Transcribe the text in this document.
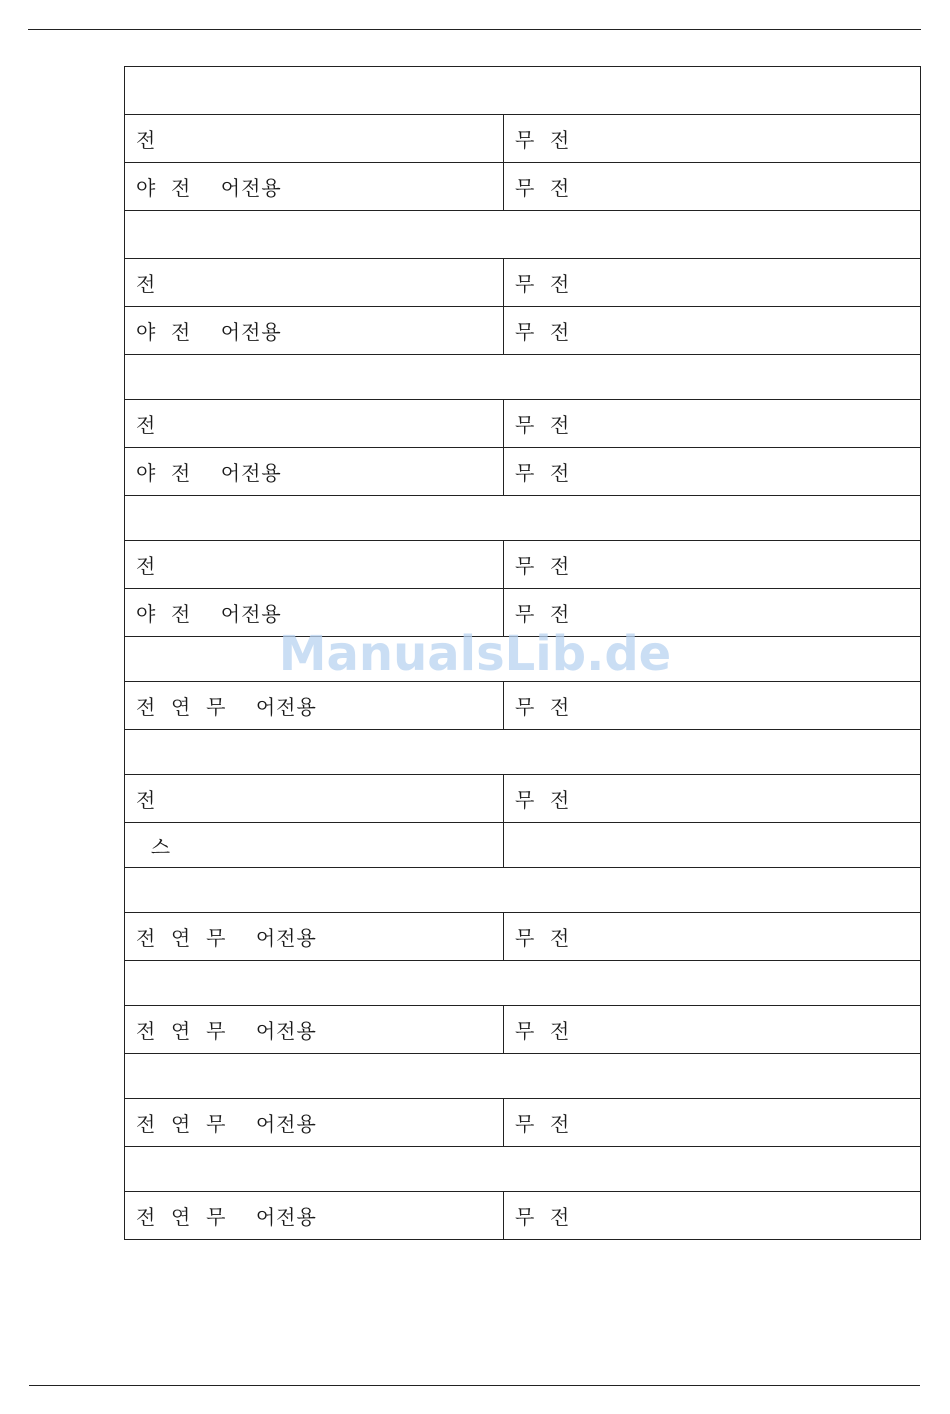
전	무  전
야  전    어전용	무  전

전	무  전
야  전    어전용	무  전

전	무  전
야  전    어전용	무  전

전	무  전
야  전    어전용	무  전

전  연  무    어전용	무  전

전	무  전
스	

전  연  무    어전용	무  전

전  연  무    어전용	무  전

전  연  무    어전용	무  전

전  연  무    어전용	무  전
ManualsLib.de
